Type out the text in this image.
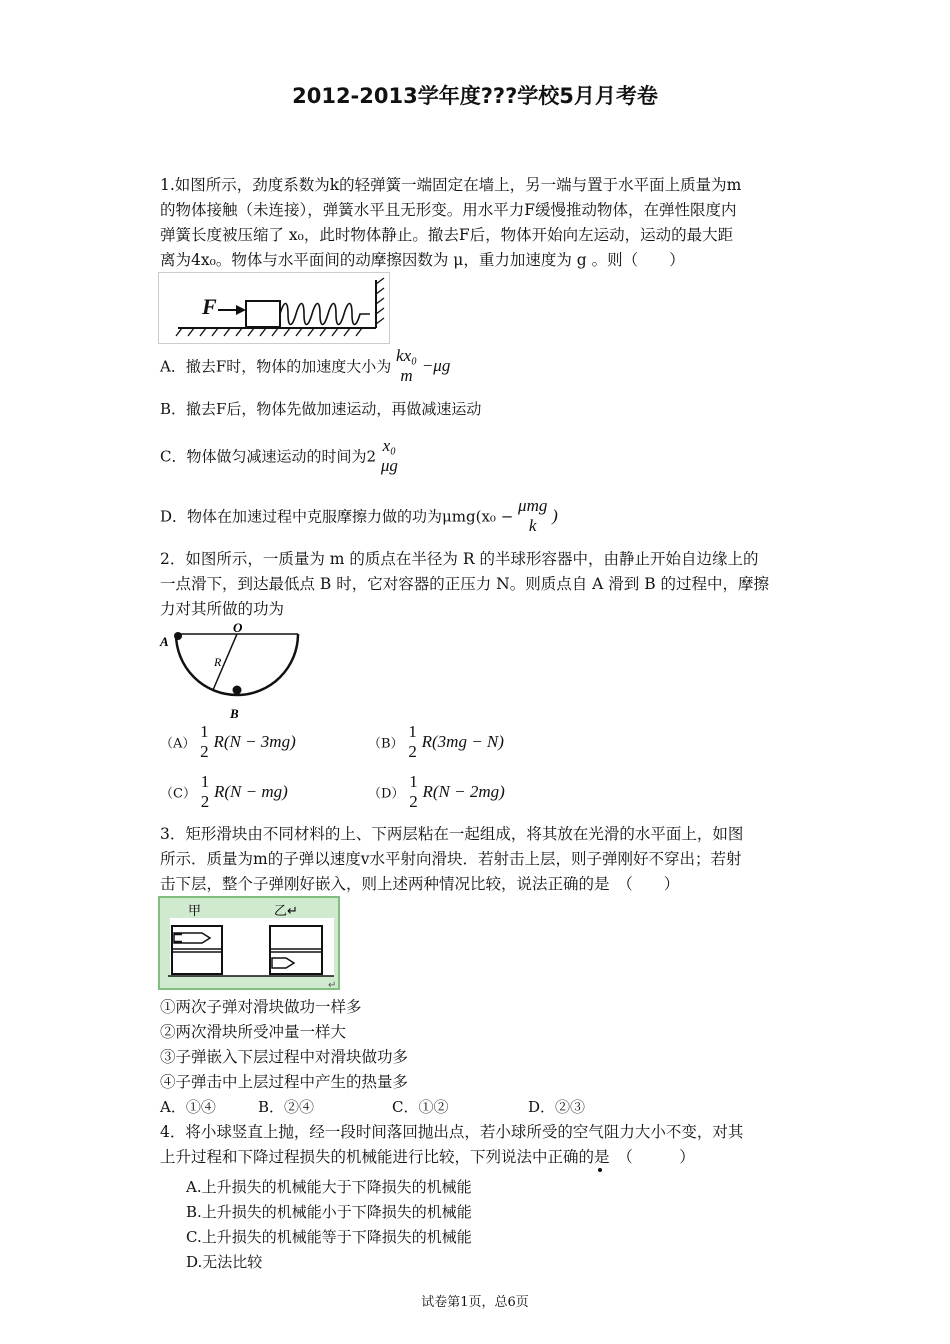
2012-2013学年度???学校5月月考卷
1.如图所示，劲度系数为k的轻弹簧一端固定在墙上，另一端与置于水平面上质量为m
的物体接触（未连接），弹簧水平且无形变。用水平力F缓慢推动物体，在弹性限度内
弹簧长度被压缩了 x₀，此时物体静止。撤去F后，物体开始向左运动，运动的最大距
离为4x₀。物体与水平面间的动摩擦因数为 μ，重力加速度为 g 。则（　　）
F
A．撤去F时，物体的加速度大小为
kx₀
m
−μg
B．撤去F后，物体先做加速运动，再做减速运动
C．物体做匀减速运动的时间为2
x₀
μg
D．物体在加速过程中克服摩擦力做的功为μmg(x₀ −
μmg
k
)
2．如图所示，一质量为 m 的质点在半径为 R 的半球形容器中，由静止开始自边缘上的
一点滑下，到达最低点 B 时，它对容器的正压力 N。则质点自 A 滑到 B 的过程中，摩擦
力对其所做的功为
A
O
R
B
（A）
1
2
R(N − 3mg)	（B）
1
2
R(3mg − N)
（C）
1
2
R(N − mg)	（D）
1
2
R(N − 2mg)
3．矩形滑块由不同材料的上、下两层粘在一起组成，将其放在光滑的水平面上，如图
所示．质量为m的子弹以速度v水平射向滑块．若射击上层，则子弹刚好不穿出；若射
击下层，整个子弹刚好嵌入，则上述两种情况比较，说法正确的是　（　　）
甲	乙↵
↵
①两次子弹对滑块做功一样多
②两次滑块所受冲量一样大
③子弹嵌入下层过程中对滑块做功多
④子弹击中上层过程中产生的热量多
A．①④	B．②④	C．①②	D．②③
4．将小球竖直上抛，经一段时间落回抛出点，若小球所受的空气阻力大小不变，对其
上升过程和下降过程损失的机械能进行比较，下列说法中正确的是　（　　　）
A.上升损失的机械能大于下降损失的机械能
B.上升损失的机械能小于下降损失的机械能
C.上升损失的机械能等于下降损失的机械能
D.无法比较
试卷第1页，总6页
